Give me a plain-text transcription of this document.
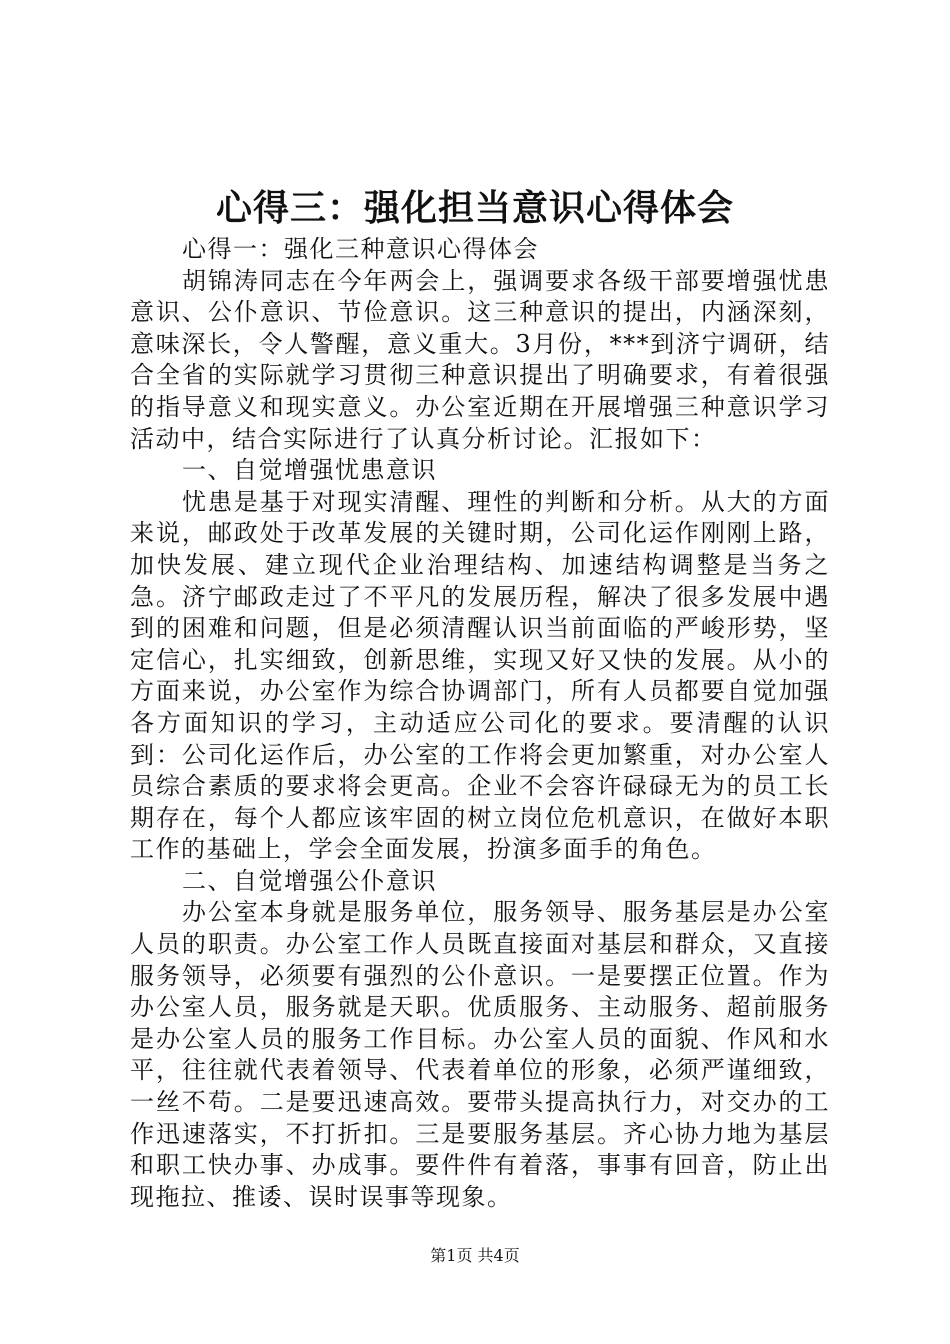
心得三：强化担当意识心得体会

心得一：强化三种意识心得体会

胡锦涛同志在今年两会上，强调要求各级干部要增强忧患意识、公仆意识、节俭意识。这三种意识的提出，内涵深刻，意味深长，令人警醒，意义重大。3月份，***到济宁调研，结合全省的实际就学习贯彻三种意识提出了明确要求，有着很强的指导意义和现实意义。办公室近期在开展增强三种意识学习活动中，结合实际进行了认真分析讨论。汇报如下：

一、自觉增强忧患意识

忧患是基于对现实清醒、理性的判断和分析。从大的方面来说，邮政处于改革发展的关键时期，公司化运作刚刚上路，加快发展、建立现代企业治理结构、加速结构调整是当务之急。济宁邮政走过了不平凡的发展历程，解决了很多发展中遇到的困难和问题，但是必须清醒认识当前面临的严峻形势，坚定信心，扎实细致，创新思维，实现又好又快的发展。从小的方面来说，办公室作为综合协调部门，所有人员都要自觉加强各方面知识的学习，主动适应公司化的要求。要清醒的认识到：公司化运作后，办公室的工作将会更加繁重，对办公室人员综合素质的要求将会更高。企业不会容许碌碌无为的员工长期存在，每个人都应该牢固的树立岗位危机意识，在做好本职工作的基础上，学会全面发展，扮演多面手的角色。

二、自觉增强公仆意识

办公室本身就是服务单位，服务领导、服务基层是办公室人员的职责。办公室工作人员既直接面对基层和群众，又直接服务领导，必须要有强烈的公仆意识。一是要摆正位置。作为办公室人员，服务就是天职。优质服务、主动服务、超前服务是办公室人员的服务工作目标。办公室人员的面貌、作风和水平，往往就代表着领导、代表着单位的形象，必须严谨细致，一丝不苟。二是要迅速高效。要带头提高执行力，对交办的工作迅速落实，不打折扣。三是要服务基层。齐心协力地为基层和职工快办事、办成事。要件件有着落，事事有回音，防止出现拖拉、推诿、误时误事等现象。

第1页 共4页
